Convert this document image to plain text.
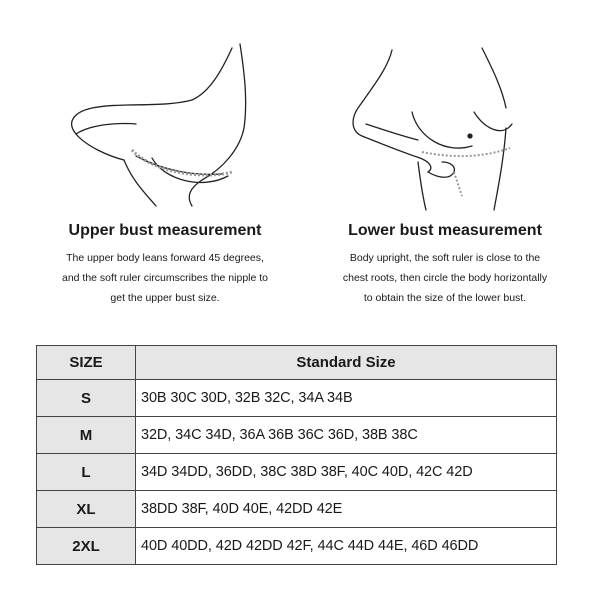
Upper bust measurement
The upper body leans forward 45 degrees,
and the soft ruler circumscribes the nipple to
get the upper bust size.
Lower bust measurement
Body upright, the soft ruler is close to the
chest roots, then circle the body horizontally
to obtain the size of the lower bust.
SIZE	Standard Size
S	30B 30C 30D, 32B 32C, 34A 34B
M	32D, 34C 34D, 36A 36B 36C 36D, 38B 38C
L	34D 34DD, 36DD, 38C 38D 38F, 40C 40D, 42C 42D
XL	38DD 38F, 40D 40E, 42DD 42E
2XL	40D 40DD, 42D 42DD 42F, 44C 44D 44E, 46D 46DD
